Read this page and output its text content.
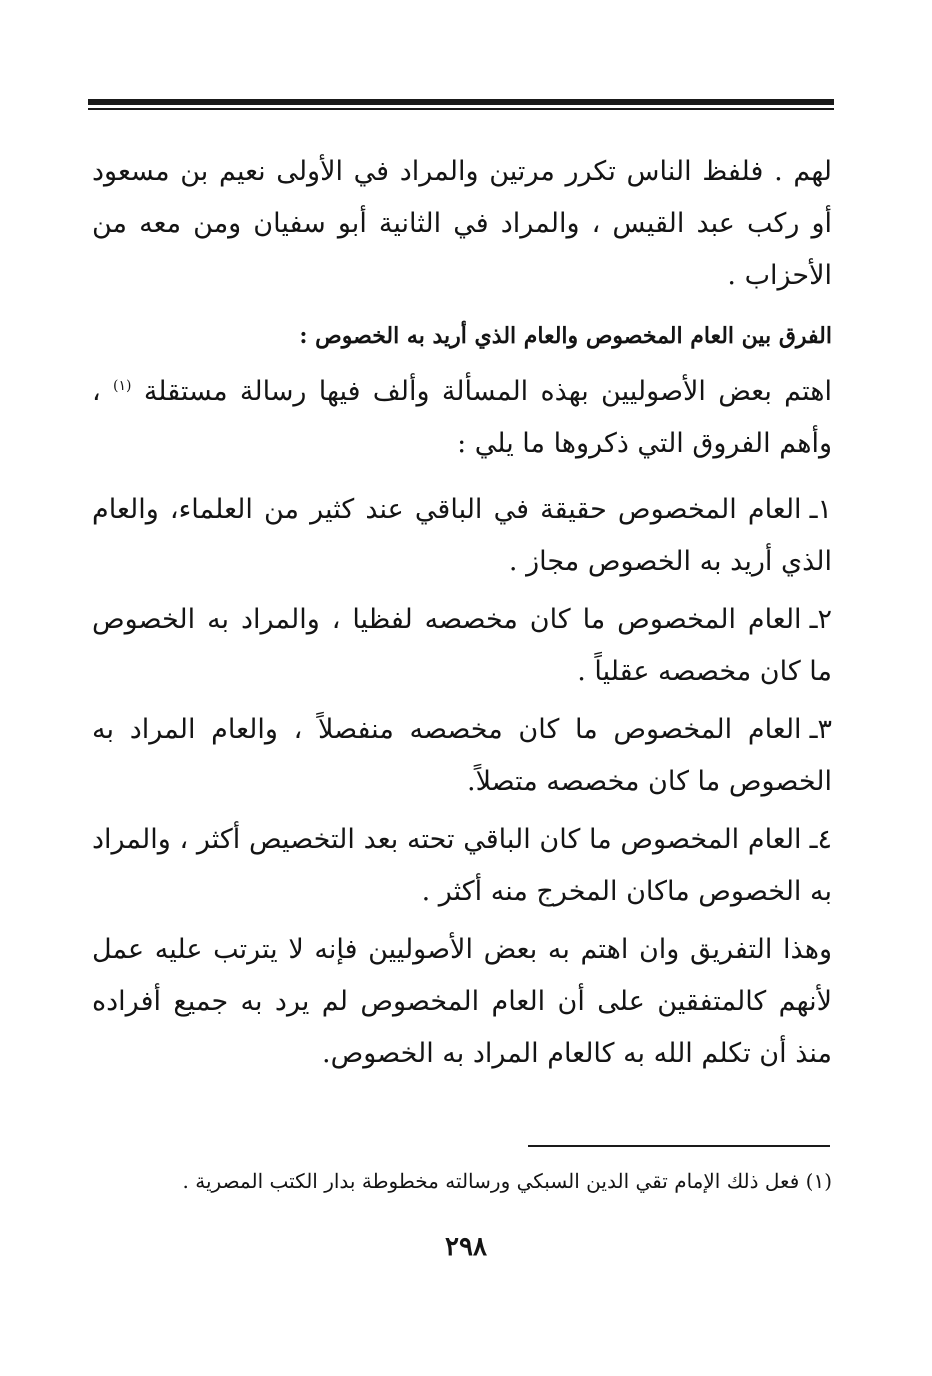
لهم . فلفظ الناس تكرر مرتين والمراد في الأولى نعيم بن مسعود أو ركب عبد القيس ، والمراد في الثانية أبو سفيان ومن معه من الأحزاب .

الفرق بين العام المخصوص والعام الذي أريد به الخصوص :

اهتم بعض الأصوليين بهذه المسألة وألف فيها رسالة مستقلة $^{(١)}$ ، وأهم الفروق التي ذكروها ما يلي :

١ـالعام المخصوص حقيقة في الباقي عند كثير من العلماء، والعام الذي أريد به الخصوص مجاز .

٢ـالعام المخصوص ما كان مخصصه لفظيا ، والمراد به الخصوص ما كان مخصصه عقلياً .

٣ـالعام المخصوص ما كان مخصصه منفصلاً ، والعام المراد به الخصوص ما كان مخصصه متصلاً.

٤ـالعام المخصوص ما كان الباقي تحته بعد التخصيص أكثر ، والمراد به الخصوص ماكان المخرج منه أكثر .

وهذا التفريق وان اهتم به بعض الأصوليين فإنه لا يترتب عليه عمل لأنهم كالمتفقين على أن العام المخصوص لم يرد به جميع أفراده منذ أن تكلم الله به كالعام المراد به الخصوص.

(١) فعل ذلك الإمام تقي الدين السبكي ورسالته مخطوطة بدار الكتب المصرية .
٢٩٨
